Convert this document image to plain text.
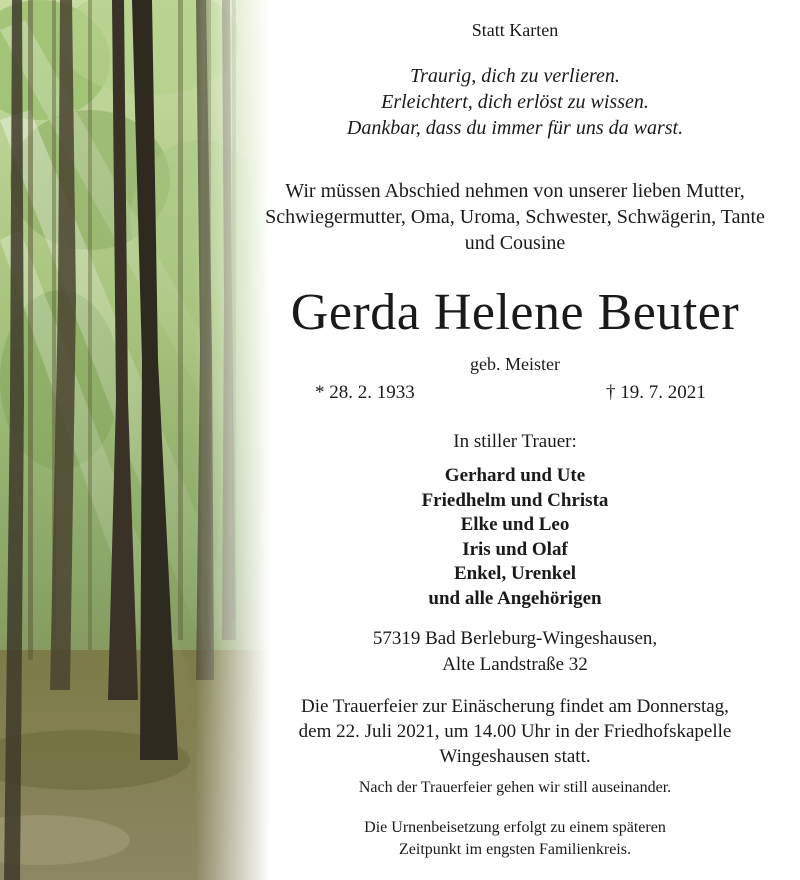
Statt Karten
Traurig, dich zu verlieren.
Erleichtert, dich erlöst zu wissen.
Dankbar, dass du immer für uns da warst.
Wir müssen Abschied nehmen von unserer lieben Mutter,
Schwiegermutter, Oma, Uroma, Schwester, Schwägerin, Tante
und Cousine
Gerda Helene Beuter
geb. Meister
* 28. 2. 1933	† 19. 7. 2021
In stiller Trauer:
Gerhard und Ute
Friedhelm und Christa
Elke und Leo
Iris und Olaf
Enkel, Urenkel
und alle Angehörigen
57319 Bad Berleburg-Wingeshausen,
Alte Landstraße 32
Die Trauerfeier zur Einäscherung findet am Donnerstag,
dem 22. Juli 2021, um 14.00 Uhr in der Friedhofskapelle
Wingeshausen statt.
Nach der Trauerfeier gehen wir still auseinander.
Die Urnenbeisetzung erfolgt zu einem späteren
Zeitpunkt im engsten Familienkreis.
